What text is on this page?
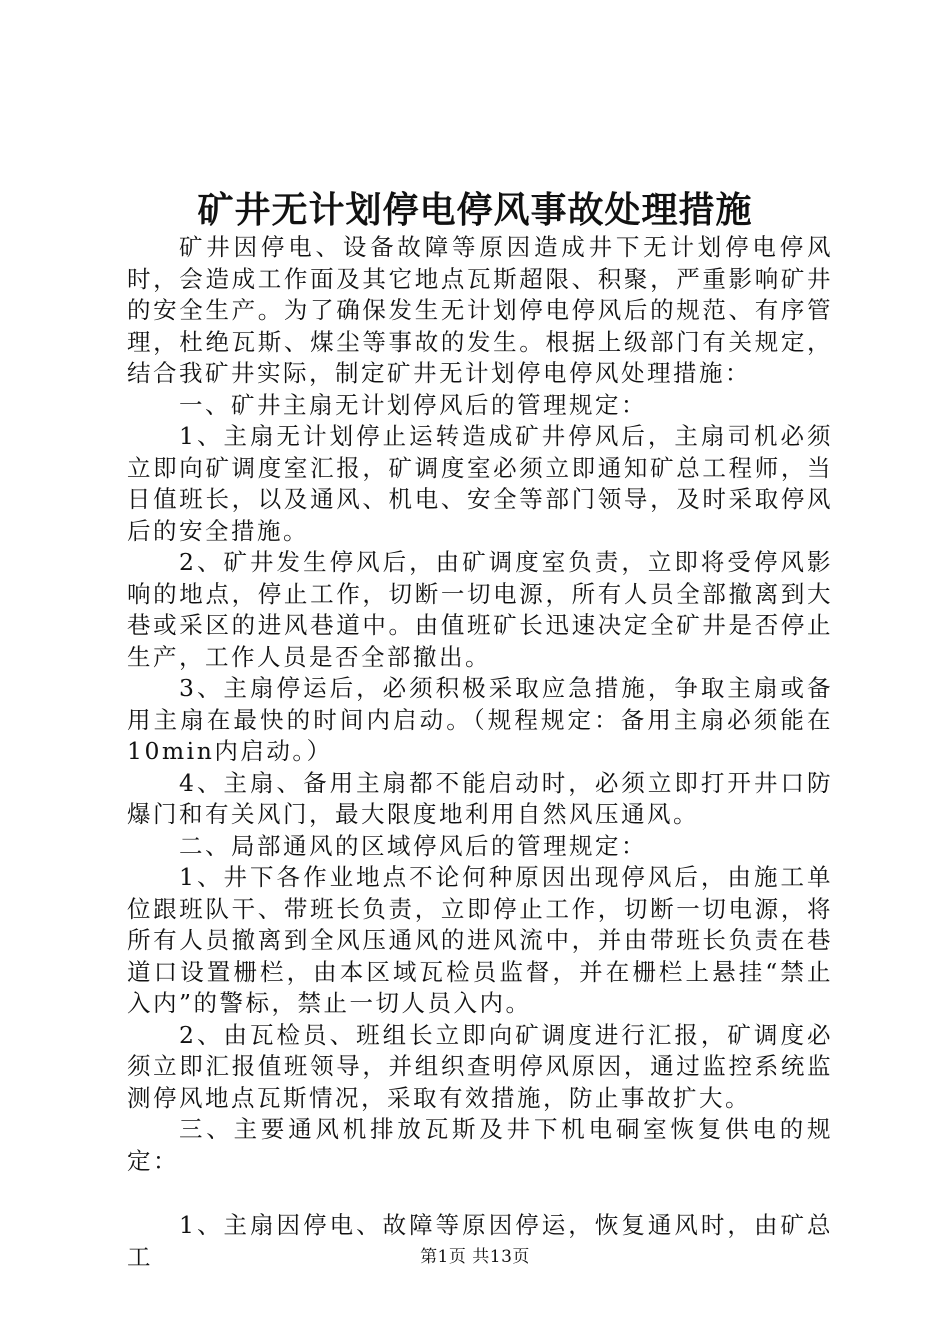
矿井无计划停电停风事故处理措施

矿井因停电、设备故障等原因造成井下无计划停电停风时，会造成工作面及其它地点瓦斯超限、积聚，严重影响矿井的安全生产。为了确保发生无计划停电停风后的规范、有序管理，杜绝瓦斯、煤尘等事故的发生。根据上级部门有关规定，结合我矿井实际，制定矿井无计划停电停风处理措施：

一、矿井主扇无计划停风后的管理规定：

1、主扇无计划停止运转造成矿井停风后，主扇司机必须立即向矿调度室汇报，矿调度室必须立即通知矿总工程师，当日值班长，以及通风、机电、安全等部门领导，及时采取停风后的安全措施。

2、矿井发生停风后，由矿调度室负责，立即将受停风影响的地点，停止工作，切断一切电源，所有人员全部撤离到大巷或采区的进风巷道中。由值班矿长迅速决定全矿井是否停止生产，工作人员是否全部撤出。

3、主扇停运后，必须积极采取应急措施，争取主扇或备用主扇在最快的时间内启动。（规程规定：备用主扇必须能在10min内启动。）

4、主扇、备用主扇都不能启动时，必须立即打开井口防爆门和有关风门，最大限度地利用自然风压通风。

二、局部通风的区域停风后的管理规定：

1、井下各作业地点不论何种原因出现停风后，由施工单位跟班队干、带班长负责，立即停止工作，切断一切电源，将所有人员撤离到全风压通风的进风流中，并由带班长负责在巷道口设置栅栏，由本区域瓦检员监督，并在栅栏上悬挂“禁止入内”的警标，禁止一切人员入内。

2、由瓦检员、班组长立即向矿调度进行汇报，矿调度必须立即汇报值班领导，并组织查明停风原因，通过监控系统监测停风地点瓦斯情况，采取有效措施，防止事故扩大。

三、主要通风机排放瓦斯及井下机电硐室恢复供电的规定：

1、主扇因停电、故障等原因停运，恢复通风时，由矿总工	第1页 共13页
